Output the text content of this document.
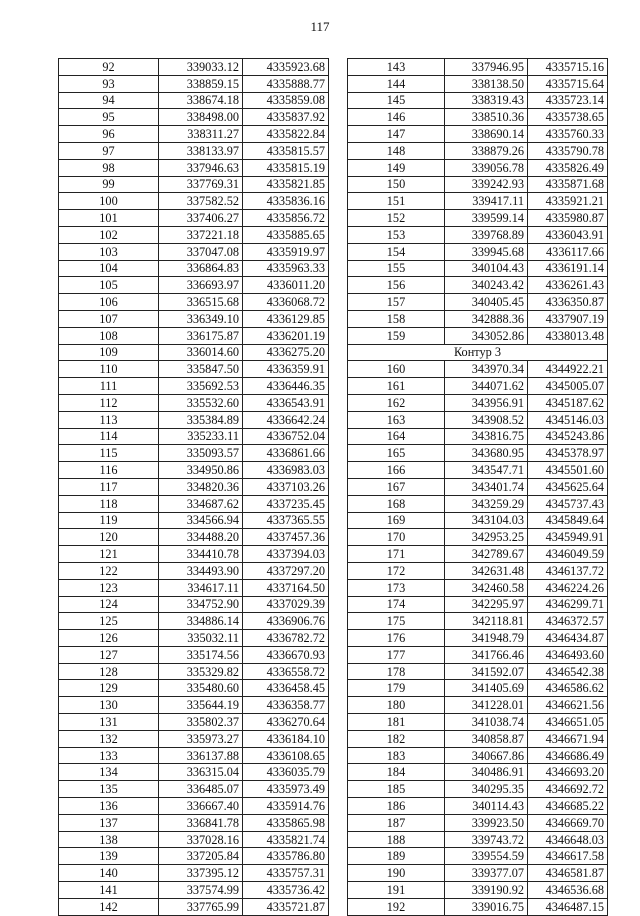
117
92	339033.12	4335923.68
93	338859.15	4335888.77
94	338674.18	4335859.08
95	338498.00	4335837.92
96	338311.27	4335822.84
97	338133.97	4335815.57
98	337946.63	4335815.19
99	337769.31	4335821.85
100	337582.52	4335836.16
101	337406.27	4335856.72
102	337221.18	4335885.65
103	337047.08	4335919.97
104	336864.83	4335963.33
105	336693.97	4336011.20
106	336515.68	4336068.72
107	336349.10	4336129.85
108	336175.87	4336201.19
109	336014.60	4336275.20
110	335847.50	4336359.91
111	335692.53	4336446.35
112	335532.60	4336543.91
113	335384.89	4336642.24
114	335233.11	4336752.04
115	335093.57	4336861.66
116	334950.86	4336983.03
117	334820.36	4337103.26
118	334687.62	4337235.45
119	334566.94	4337365.55
120	334488.20	4337457.36
121	334410.78	4337394.03
122	334493.90	4337297.20
123	334617.11	4337164.50
124	334752.90	4337029.39
125	334886.14	4336906.76
126	335032.11	4336782.72
127	335174.56	4336670.93
128	335329.82	4336558.72
129	335480.60	4336458.45
130	335644.19	4336358.77
131	335802.37	4336270.64
132	335973.27	4336184.10
133	336137.88	4336108.65
134	336315.04	4336035.79
135	336485.07	4335973.49
136	336667.40	4335914.76
137	336841.78	4335865.98
138	337028.16	4335821.74
139	337205.84	4335786.80
140	337395.12	4335757.31
141	337574.99	4335736.42
142	337765.99	4335721.87
143	337946.95	4335715.16
144	338138.50	4335715.64
145	338319.43	4335723.14
146	338510.36	4335738.65
147	338690.14	4335760.33
148	338879.26	4335790.78
149	339056.78	4335826.49
150	339242.93	4335871.68
151	339417.11	4335921.21
152	339599.14	4335980.87
153	339768.89	4336043.91
154	339945.68	4336117.66
155	340104.43	4336191.14
156	340243.42	4336261.43
157	340405.45	4336350.87
158	342888.36	4337907.19
159	343052.86	4338013.48
Контур 3		
160	343970.34	4344922.21
161	344071.62	4345005.07
162	343956.91	4345187.62
163	343908.52	4345146.03
164	343816.75	4345243.86
165	343680.95	4345378.97
166	343547.71	4345501.60
167	343401.74	4345625.64
168	343259.29	4345737.43
169	343104.03	4345849.64
170	342953.25	4345949.91
171	342789.67	4346049.59
172	342631.48	4346137.72
173	342460.58	4346224.26
174	342295.97	4346299.71
175	342118.81	4346372.57
176	341948.79	4346434.87
177	341766.46	4346493.60
178	341592.07	4346542.38
179	341405.69	4346586.62
180	341228.01	4346621.56
181	341038.74	4346651.05
182	340858.87	4346671.94
183	340667.86	4346686.49
184	340486.91	4346693.20
185	340295.35	4346692.72
186	340114.43	4346685.22
187	339923.50	4346669.70
188	339743.72	4346648.03
189	339554.59	4346617.58
190	339377.07	4346581.87
191	339190.92	4346536.68
192	339016.75	4346487.15
